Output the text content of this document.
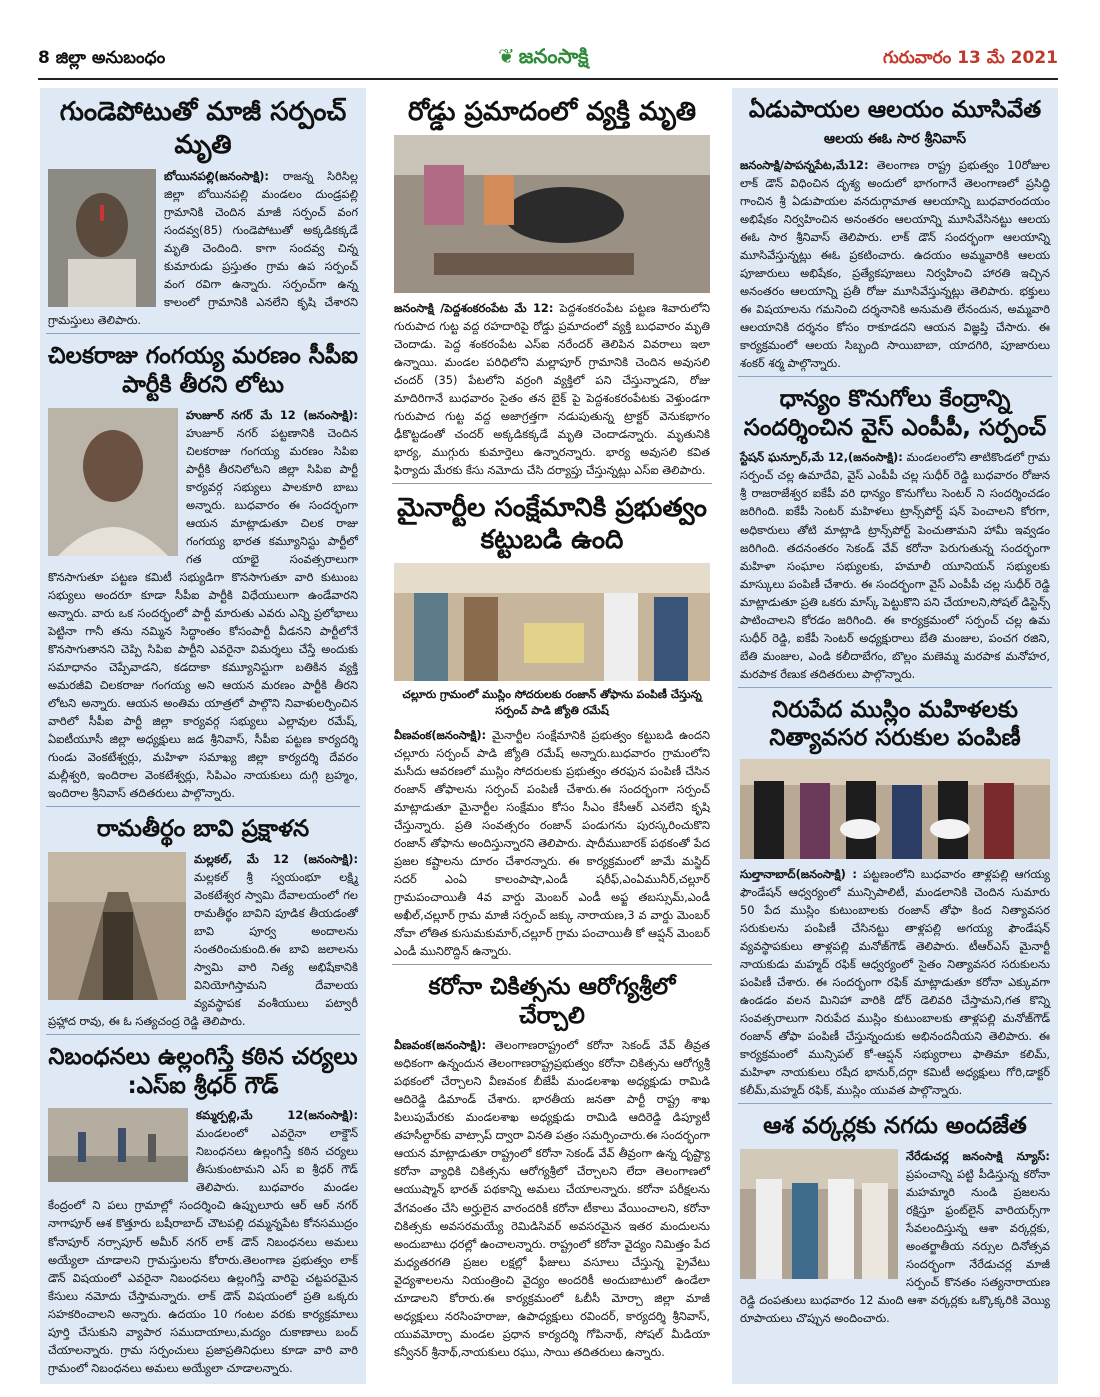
8 జిల్లా అనుబంధం	❦ జనంసాక్షి	గురువారం 13 మే 2021
గుండెపోటుతో మాజీ సర్పంచ్ మృతి
బోయినపల్లి(జనంసాక్షి): రాజన్న సిరిసిల్ల జిల్లా బోయినపల్లి మండలం దుండ్రపల్లి గ్రామానికి చెందిన మాజీ సర్పంచ్ వంగ సందవ్వ(85) గుండెపోటుతో అక్కడికక్కడే మృతి చెందింది. కాగా సందవ్వ చిన్న కుమారుడు ప్రస్తుతం గ్రామ ఉప సర్పంచ్ వంగ రవిగా ఉన్నారు. సర్పంచ్‌గా ఉన్న కాలంలో గ్రామానికి ఎనలేని కృషి చేశారని గ్రామస్తులు తెలిపారు.
చిలకరాజు గంగయ్య మరణం సీపీఐ పార్టీకి తీరని లోటు
హుజూర్ నగర్ మే 12 (జనంసాక్షి): హుజూర్ నగర్ పట్టణానికి చెందిన చిలకరాజు గంగయ్య మరణం సిపిఐ పార్టీకి తీరనిలోటని జిల్లా సిపిఐ పార్టీ కార్యవర్గ సభ్యులు పాలకూరి బాబు అన్నారు. బుధవారం ఈ సందర్భంగా ఆయన మాట్లాడుతూ చిలక రాజు గంగయ్య భారత కమ్యూనిస్టు పార్టీలో గత యాభై సంవత్సరాలుగా కొనసాగుతూ పట్టణ కమిటీ సభ్యుడిగా కొనసాగుతూ వారి కుటుంబ సభ్యులు అందరూ కూడా సీపీఐ పార్టీకి విధేయులుగా ఉండేవారని అన్నారు. వారు ఒక సందర్భంలో పార్టీ మారుతు ఎవరు ఎన్ని ప్రలోభాలు పెట్టినా గానీ తను నమ్మిన సిద్ధాంతం కోసంపార్టీ వీడనని పార్టీలోనే కొనసాగుతానని చెప్పి సిపిఐ పార్టీని ఎవరైనా విమర్శలు చేస్తే అందుకు సమాధానం చెప్పేవాడని, కడదాకా కమ్యూనిస్టుగా బతికిన వ్యక్తి అమరజీవి చిలకరాజు గంగయ్య అని ఆయన మరణం పార్టీకి తీరని లోటని అన్నారు. ఆయన అంతిమ యాత్రలో పాల్గొని నివాళులర్పించిన వారిలో సీపీఐ పార్టీ జిల్లా కార్యవర్గ సభ్యులు ఎల్లావుల రమేష్, ఏఐటీయూసీ జిల్లా అధ్యక్షులు జడ శ్రీనివాస్, సీపీఐ పట్టణ కార్యదర్శి గుండు వెంకటేశ్వర్లు, మహిళా సమాఖ్య జిల్లా కార్యదర్శి దేవరం మల్లీశ్వరి, ఇందిరాల వెంకటేశ్వర్లు, సిపిఎం నాయకులు దుగ్గి బ్రహ్మం, ఇందిరాల శ్రీనివాస్ తదితరులు పాల్గొన్నారు.
రామతీర్థం బావి ప్రక్షాళన
మల్లకల్, మే 12 (జనంసాక్షి): మల్లకల్ శ్రీ స్వయంభూ లక్ష్మి వెంకటేశ్వర స్వామి దేవాలయంలో గల రామతీర్థం బావిని పూడిక తీయడంతో బావి పూర్వ అందాలను సంతరించుకుంది.ఈ బావి జలాలను స్వామి వారి నిత్య అభిషేకానికి వినియోగిస్తామని దేవాలయ వ్యవస్థాపక వంశీయులు పట్వారీ ప్రహ్లాద రావు, ఈ ఓ సత్యచంద్ర రెడ్డి తెలిపారు.
నిబంధనలు ఉల్లంగిస్తే కఠిన చర్యలు :ఎస్ఐ శ్రీధర్ గౌడ్
కమ్మర్పల్లి,మే 12(జనంసాక్షి): మండలంలో ఎవరైనా లాక్డౌన్ నిబంధనలు ఉల్లంగిస్తే కఠిన చర్యలు తీసుకుంటామని ఎస్ ఐ శ్రీధర్ గౌడ్ తెలిపారు. బుధవారం మండల కేంద్రంలో ని పలు గ్రామాల్లో సందర్శించి ఉప్పులూరు ఆర్ ఆర్ నగర్ నాగాపూర్ ఆశ కొత్తూరు బషీరాబాద్ చౌటపల్లి దమ్మన్నపేట కోనసముద్రం కోనాపూర్ నర్సాపూర్ అమీర్ నగర్ లాక్ డౌన్ నిబంధనలు అమలు అయ్యేలా చూడాలని గ్రామస్తులను కోరారు.తెలంగాణ ప్రభుత్వం లాక్ డౌన్ విషయంలో ఎవరైనా నిబంధనలు ఉల్లంగిస్తే వారిపై చట్టపరమైన కేసులు నమోదు చేస్తామన్నారు. లాక్ డౌన్ విషయంలో ప్రతి ఒక్కరు సహకరించాలని అన్నారు. ఉదయం 10 గంటల వరకు కార్యక్రమాలు పూర్తి చేసుకుని వ్యాపార సముదాయాలు,మద్యం దుకాణాలు బంద్ చేయాలన్నారు. గ్రామ సర్పంచులు ప్రజాప్రతినిధులు కూడా వారి వారి గ్రామంలో నిబంధనలు అమలు అయ్యేలా చూడాలన్నారు.
రోడ్డు ప్రమాదంలో వ్యక్తి మృతి
జనంసాక్షి /పెద్దశంకరంపేట మే 12: పెద్దశంకరంపేట పట్టణ శివారులోని గురుపాద గుట్ట వద్ద రహదారిపై రోడ్డు ప్రమాదంలో వ్యక్తి బుధవారం మృతి చెందాడు. పెద్ద శంకరంపేట ఎస్ఐ నరేందర్ తెలిపిన వివరాలు ఇలా ఉన్నాయి. మండల పరిధిలోని మల్లాపూర్ గ్రామానికి చెందిన అవుసలి చందర్ (35) పేటలోని వర్రంగి వ్యక్తిలో పని చేస్తున్నాడని, రోజు మాదిరిగానే బుధవారం సైతం తన బైక్ పై పెద్దశంకరంపేటకు వెళ్తుండగా గురుపాద గుట్ట వద్ద అజాగ్రత్తగా నడుపుతున్న ట్రాక్టర్ వెనుకభాగం ఢీకొట్టడంతో చందర్ అక్కడికక్కడే మృతి చెందాడన్నారు. మృతునికి భార్య, ముగ్గురు కుమార్తెలు ఉన్నారన్నారు. భార్య అవుసలి కవిత ఫిర్యాదు మేరకు కేసు నమోదు చేసి దర్యాప్తు చేస్తున్నట్లు ఎస్ఐ తెలిపారు.
మైనార్టీల సంక్షేమానికి ప్రభుత్వం కట్టుబడి ఉంది
చల్లూరు గ్రామంలో ముస్లిం సోదరులకు రంజాన్ తోఫాను పంపిణీ చేస్తున్న సర్పంచ్ పాడి జ్యోతి రమేష్
వీణవంక(జనంసాక్షి): మైనార్టీల సంక్షేమానికి ప్రభుత్వం కట్టుబడి ఉందని చల్లూరు సర్పంచ్ పాడి జ్యోతి రమేష్ అన్నారు.బుధవారం గ్రామంలోని మసీదు ఆవరణలో ముస్లిం సోదరులకు ప్రభుత్వం తరఫున పంపిణీ చేసిన రంజాన్ తోఫాలను సర్పంచ్ పంపిణీ చేశారు.ఈ సందర్భంగా సర్పంచ్ మాట్లాడుతూ మైనార్టీల సంక్షేమం కోసం సీఎం కేసీఆర్ ఎనలేని కృషి చేస్తున్నారు. ప్రతి సంవత్సరం రంజాన్ పండుగను పురస్కరించుకొని రంజాన్ తోఫాను అందిస్తున్నారని తెలిపారు. షాదీముబారక్ పథకంతో పేద ప్రజల కష్టాలను దూరం చేశారన్నారు. ఈ కార్యక్రమంలో జామే మస్జిద్ సదర్ ఎంఏ కాలంపాషా,ఎండీ షరీఫ్,ఎంఏమునీర్,చల్లూర్ గ్రామపంచాయితీ 4వ వార్డు మెంబర్ ఎండీ అఫ్జ తబస్సుమ్,ఎండీ అఖీల్,చల్లూర్ గ్రామ మాజీ సర్పంచ్ జక్కు నారాయణ,3 వ వార్డు మెంబర్ నోవా లోతిత కుసుమకుమార్,చల్లూర్ గ్రామ పంచాయితీ కో ఆప్షన్ మెంబర్ ఎండీ మునిరొద్దిన్ ఉన్నారు.
కరోనా చికిత్సను ఆరోగ్యశ్రీలో చేర్చాలి
వీణవంక(జనంసాక్షి): తెలంగాణరాష్ట్రంలో కరోనా సెకండ్ వేవ్ తీవ్రత అధికంగా ఉన్నందున తెలంగాణరాష్ట్రప్రభుత్వం కరోనా చికిత్సను ఆరోగ్యశ్రీ పథకంలో చేర్చాలని వీణవంక బీజేపీ మండలశాఖ అధ్యక్షుడు రామిడి ఆదిరెడ్డి డిమాండ్ చేశారు. భారతీయ జనతా పార్టీ రాష్ట్ర శాఖ పిలుపుమేరకు మండలశాఖ అధ్యక్షుడు రామిడి ఆదిరెడ్డి డిప్యూటీ తహసీల్దార్‌కు వాట్సాప్ ద్వారా వినతి పత్రం సమర్పించారు.ఈ సందర్భంగా ఆయన మాట్లాడుతూ రాష్ట్రంలో కరోనా సెకండ్ వేవ్ తీవ్రంగా ఉన్న దృష్ట్యా కరోనా వ్యాధికి చికిత్సను ఆరోగ్యశ్రీలో చేర్చాలని లేదా తెలంగాణలో ఆయుష్మాన్ భారత్ పథకాన్ని అమలు చేయాలన్నారు. కరోనా పరీక్షలను వేగవంతం చేసి అర్హులైన వారందరికీ కరోనా టీకాలు వేయించాలని, కరోనా చికిత్సకు అవసరమయ్యే రెమిడిసివర్ అవసరమైన ఇతర మందులను అందుబాటు ధరల్లో ఉంచాలన్నారు. రాష్ట్రంలో కరోనా వైద్యం నిమిత్తం పేద మధ్యతరగతి ప్రజల లక్షల్లో ఫీజులు వసూలు చేస్తున్న ప్రైవేటు వైద్యశాలలను నియంత్రించి వైద్యం అందరికీ అందుబాటులో ఉండేలా చూడాలని కోరారు.ఈ కార్యక్రమంలో ఓబీసీ మోర్చా జిల్లా మాజీ అధ్యక్షులు నరసింహరాజు, ఉపాధ్యక్షులు రవిందర్, కార్యదర్శి శ్రీనివాస్, యువమోర్చా మండల ప్రధాన కార్యదర్శి గోపినాథ్, సోషల్ మీడియా కన్వీనర్ శ్రీనాథ్,నాయకులు రఘు, సాయి తదితరులు ఉన్నారు.
ఏడుపాయల ఆలయం మూసివేత
ఆలయ ఈఓ సార శ్రీనివాస్
జనంసాక్షి/పాపన్నపేట,మే12: తెలంగాణ రాష్ట్ర ప్రభుత్వం 10రోజుల లాక్ డౌన్ విధించిన దృశ్య అందులో భాగంగానే తెలంగాణలో ప్రసిద్ధి గాంచిన శ్రీ ఏడుపాయల వనదుర్గామాత ఆలయాన్ని బుధవారందయం అభిషేకం నిర్వహించిన అనంతరం ఆలయాన్ని మూసివేసినట్టు ఆలయ ఈఓ సార శ్రీనివాస్ తెలిపారు. లాక్ డౌన్ సందర్భంగా ఆలయాన్ని మూసివేస్తున్నట్లు ఈఓ ప్రకటించారు. ఉదయం అమ్మవారికి ఆలయ పూజారులు అభిషేకం, ప్రత్యేకపూజలు నిర్వహించి హారతి ఇచ్చిన అనంతరం ఆలయాన్ని ప్రతీ రోజు మూసివేస్తున్నట్లు తెలిపారు. భక్తులు ఈ విషయాలను గమనించి దర్శనానికి అనుమతి లేనందున, అమ్మవారి ఆలయానికి దర్శనం కోసం రాకూడదని ఆయన విజ్ఞప్తి చేసారు. ఈ కార్యక్రమంలో ఆలయ సిబ్బంది సాయిబాబా, యాదగిరి, పూజారులు శంకర్ శర్మ పాల్గొన్నారు.
ధాన్యం కొనుగోలు కేంద్రాన్ని సందర్శించిన వైస్ ఎంపీపీ, సర్పంచ్
స్టేషన్ ఘన్పూర్,మే 12,(జనంసాక్షి): మండలంలోని తాటికొండలో గ్రామ సర్పంచ్ చల్ల ఉమాదేవి, వైస్ ఎంపీపీ చల్ల సుధీర్ రెడ్డి బుధవారం రోజున శ్రీ రాజరాజేశ్వర ఐకేపీ వరి ధాన్యం కొనుగోలు సెంటర్ ని సందర్శించడం జరిగింది. ఐకేపీ సెంటర్ మహిళలు ట్రాన్స్‌పోర్ట్ షన్ పెంచాలని కోరగా, అధికారులు తోటి మాట్లాడి ట్రాన్స్‌పోర్ట్ పెంచుతామని హామీ ఇవ్వడం జరిగింది. తదనంతరం సెకండ్ వేవ్ కరోనా పెరుగుతున్న సందర్భంగా మహిళా సంఘాల సభ్యులకు, హమాలీ యూనియన్ సభ్యులకు మాస్కులు పంపిణీ చేశారు. ఈ సందర్భంగా వైస్ ఎంపీపీ చల్ల సుధీర్ రెడ్డి మాట్లాడుతూ ప్రతి ఒకరు మాస్క్ పెట్టుకొని పని చేయాలని,సోషల్ డిస్టెన్స్ పాటించాలని కోరడం జరిగింది. ఈ కార్యక్రమంలో సర్పంచ్ చల్ల ఉమ సుధీర్ రెడ్డి, ఐకేపీ సెంటర్ అధ్యక్షురాలు బేతి మంజుల, పంచగ రజిని, బేతి మంజుల, ఎండి కలీదాబేగం, బొల్లం మణెమ్మ మరపాక మనోహర, మరపాక రేణుక తదితరులు పాల్గొన్నారు.
నిరుపేద ముస్లిం మహిళలకు నిత్యావసర సరుకుల పంపిణీ
సుల్తానాబాద్(జనంసాక్షి) : పట్టణంలోని బుధవారం తాళ్లపల్లి ఆగయ్య ఫౌండేషన్ ఆధ్వర్యంలో మున్సిపాలిటీ, మండలానికి చెందిన సుమారు 50 పేద ముస్లిం కుటుంబాలకు రంజాన్ తోఫా కింద నిత్యావసర సరుకులను పంపిణీ చేసినట్టు తాళ్లపల్లి అగయ్య ఫౌండేషన్ వ్యవస్థాపకులు తాళ్లపల్లి మనోజ్‌గౌడ్ తెలిపారు. టీఆర్ఎస్ మైనార్టీ నాయకుడు మహ్మద్ రఫిక్ ఆధ్వర్యంలో సైతం నిత్యావసర సరుకులను పంపిణీ చేశారు. ఈ సందర్భంగా రఫిక్ మాట్లాడుతూ కరోనా ఎక్కువగా ఉండడం వలన మినిహా వారికి డోర్ డెలివరి చేస్తామని,గత కొన్ని సంవత్సరాలుగా నిరుపేద ముస్లిం కుటుంబాలకు తాళ్లపల్లి మనోజ్‌గౌడ్ రంజాన్ తోఫా పంపిణీ చేస్తున్నందుకు అభినందనీయని తెలిపారు. ఈ కార్యక్రమంలో మున్సిపల్ కో-ఆప్షన్ సభ్యురాలు ఫాతిమా కలిమ్, మహిళా నాయకులు రషీద భానుర్,దర్గా కమిటీ అధ్యక్షులు గోరి,డాక్టర్ కలీమ్,మహ్మద్ రఫిక్, ముస్లిం యువత పాల్గొన్నారు.
ఆశ వర్కర్లకు నగదు అందజేత
నేరేడుచర్ల జనంసాక్షి న్యూస్: ప్రపంచాన్ని పట్టి పీడిస్తున్న కరోనా మహమ్మారి నుండి ప్రజలను రక్షిస్తూ ఫ్రంట్‌లైన్ వారియర్స్‌గా సేవలందిస్తున్న ఆశా వర్కర్లకు, అంతర్జాతీయ నర్సుల దినోత్సవ సందర్భంగా నేరేడుచర్ల మాజీ సర్పంచ్ కొనతం సత్యనారాయణ రెడ్డి దంపతులు బుధవారం 12 మంది ఆశా వర్కర్లకు ఒక్కొక్కరికి వెయ్యి రూపాయలు చొప్పున అందించారు.
